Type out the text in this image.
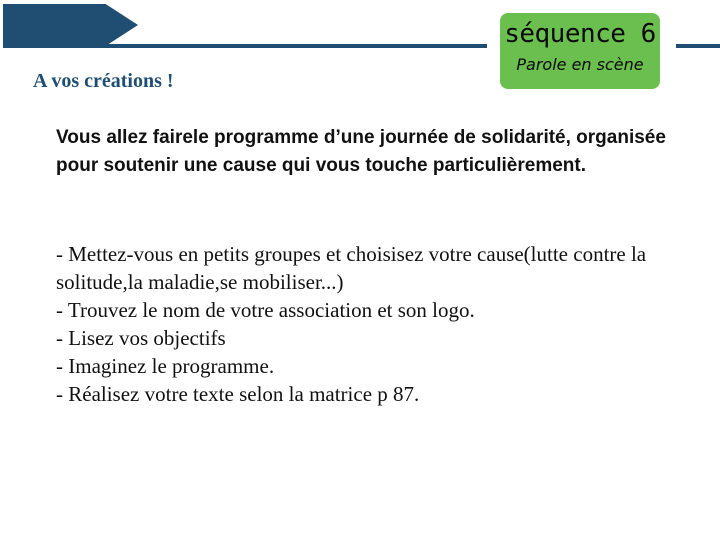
séquence 6
Parole en scène
A vos créations !

Vous allez fairele programme d’une journée de solidarité, organisée pour soutenir une cause qui vous touche particulièrement.

- Mettez-vous en petits groupes et choisisez votre cause(lutte contre la solitude,la maladie,se mobiliser...)
- Trouvez le nom de votre association et son logo.
- Lisez vos objectifs
- Imaginez le programme.
- Réalisez votre texte selon la matrice p 87.
